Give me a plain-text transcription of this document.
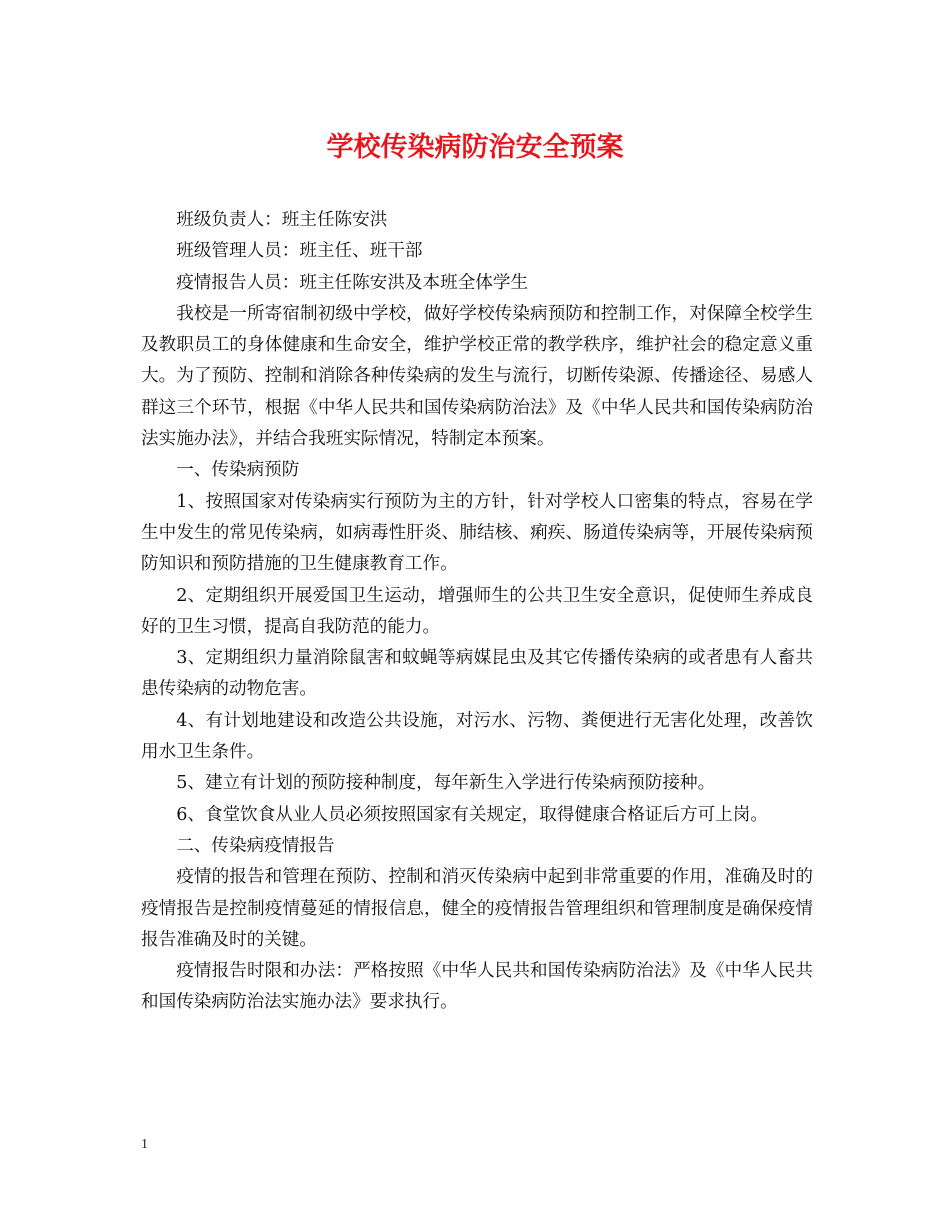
学校传染病防治安全预案

班级负责人：班主任陈安洪

班级管理人员：班主任、班干部

疫情报告人员：班主任陈安洪及本班全体学生

我校是一所寄宿制初级中学校，做好学校传染病预防和控制工作，对保障全校学生及教职员工的身体健康和生命安全，维护学校正常的教学秩序，维护社会的稳定意义重大。为了预防、控制和消除各种传染病的发生与流行，切断传染源、传播途径、易感人群这三个环节，根据《中华人民共和国传染病防治法》及《中华人民共和国传染病防治法实施办法》，并结合我班实际情况，特制定本预案。

一、传染病预防

1、按照国家对传染病实行预防为主的方针，针对学校人口密集的特点，容易在学生中发生的常见传染病，如病毒性肝炎、肺结核、痢疾、肠道传染病等，开展传染病预防知识和预防措施的卫生健康教育工作。

2、定期组织开展爱国卫生运动，增强师生的公共卫生安全意识，促使师生养成良好的卫生习惯，提高自我防范的能力。

3、定期组织力量消除鼠害和蚊蝇等病媒昆虫及其它传播传染病的或者患有人畜共患传染病的动物危害。

4、有计划地建设和改造公共设施，对污水、污物、粪便进行无害化处理，改善饮用水卫生条件。

5、建立有计划的预防接种制度，每年新生入学进行传染病预防接种。

6、食堂饮食从业人员必须按照国家有关规定，取得健康合格证后方可上岗。

二、传染病疫情报告

疫情的报告和管理在预防、控制和消灭传染病中起到非常重要的作用，准确及时的疫情报告是控制疫情蔓延的情报信息，健全的疫情报告管理组织和管理制度是确保疫情报告准确及时的关键。

疫情报告时限和办法：严格按照《中华人民共和国传染病防治法》及《中华人民共和国传染病防治法实施办法》要求执行。

1
